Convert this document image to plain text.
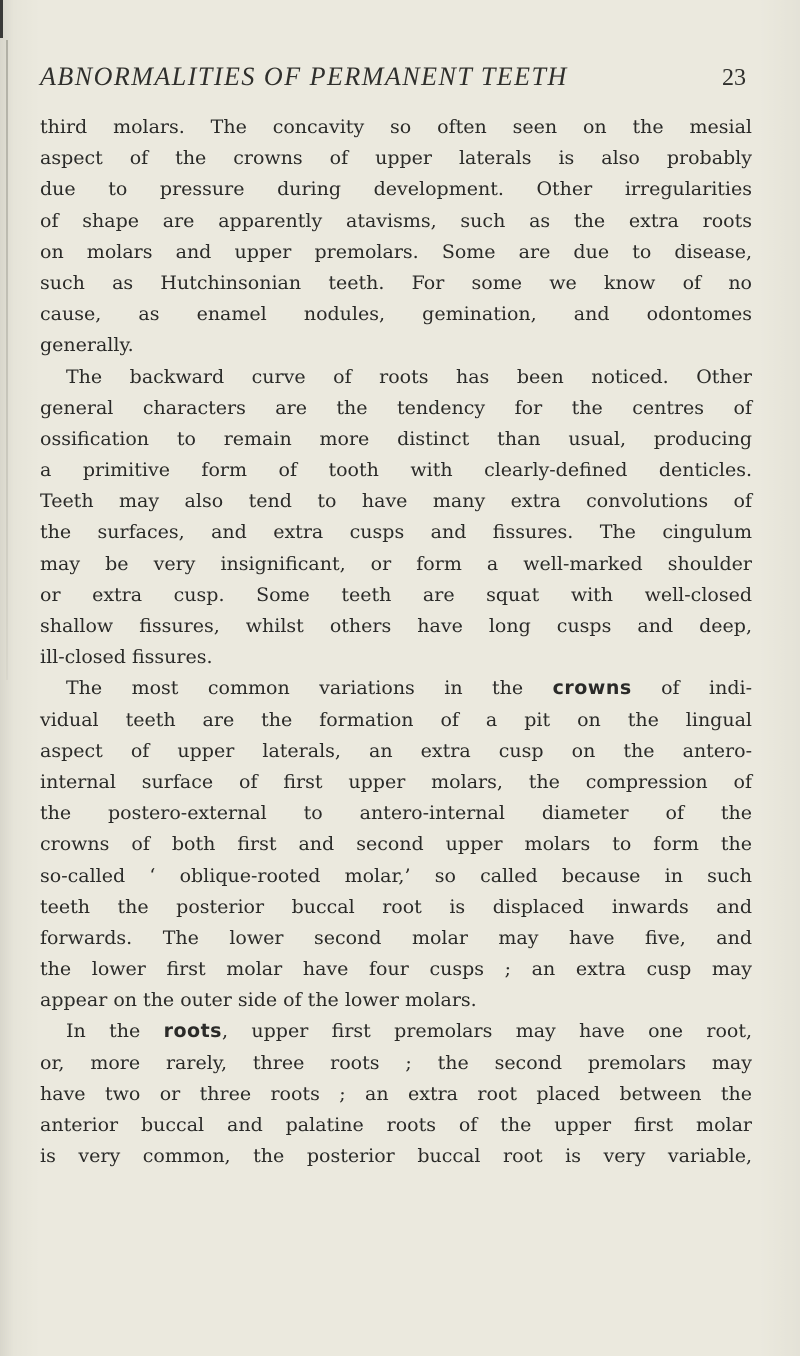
ABNORMALITIES OF PERMANENT TEETH	23
third molars. The concavity so often seen on the mesial
aspect of the crowns of upper laterals is also probably
due to pressure during development. Other irregularities
of shape are apparently atavisms, such as the extra roots
on molars and upper premolars. Some are due to disease,
such as Hutchinsonian teeth. For some we know of no
cause, as enamel nodules, gemination, and odontomes
generally.
The backward curve of roots has been noticed. Other
general characters are the tendency for the centres of
ossification to remain more distinct than usual, producing
a primitive form of tooth with clearly-defined denticles.
Teeth may also tend to have many extra convolutions of
the surfaces, and extra cusps and fissures. The cingulum
may be very insignificant, or form a well-marked shoulder
or extra cusp. Some teeth are squat with well-closed
shallow fissures, whilst others have long cusps and deep,
ill-closed fissures.
The most common variations in the crowns of indi-
vidual teeth are the formation of a pit on the lingual
aspect of upper laterals, an extra cusp on the antero-
internal surface of first upper molars, the compression of
the postero-external to antero-internal diameter of the
crowns of both first and second upper molars to form the
so-called ‘ oblique-rooted molar,’ so called because in such
teeth the posterior buccal root is displaced inwards and
forwards. The lower second molar may have five, and
the lower first molar have four cusps ; an extra cusp may
appear on the outer side of the lower molars.
In the roots, upper first premolars may have one root,
or, more rarely, three roots ; the second premolars may
have two or three roots ; an extra root placed between the
anterior buccal and palatine roots of the upper first molar
is very common, the posterior buccal root is very variable,
